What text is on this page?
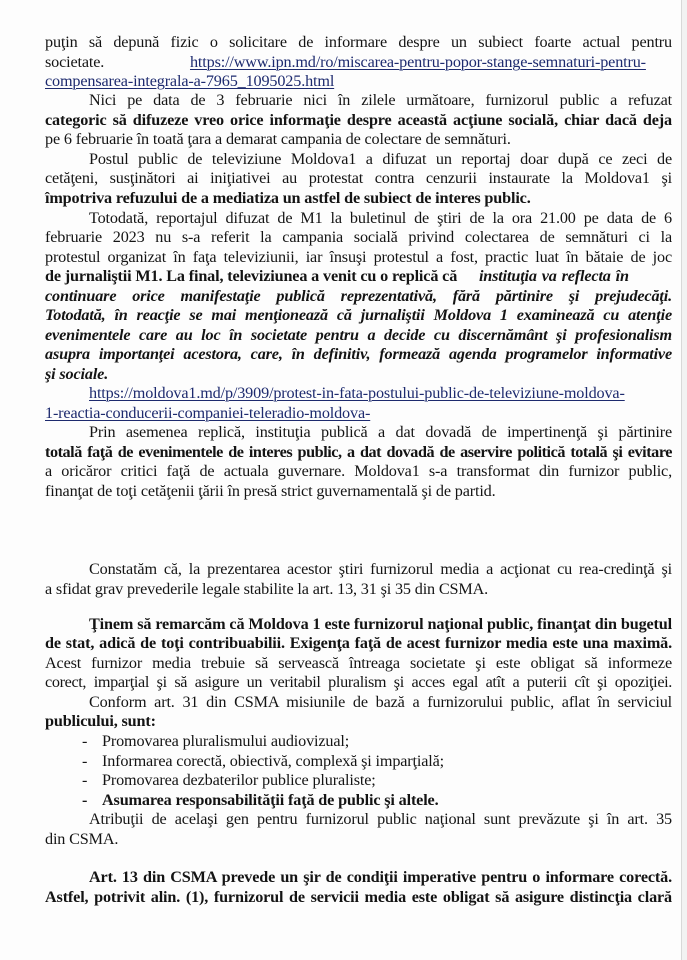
puţin să depună fizic o solicitare de informare despre un subiect foarte actual pentru
societate.	https://www.ipn.md/ro/miscarea-pentru-popor-stange-semnaturi-pentru-
compensarea-integrala-a-7965_1095025.html
Nici pe data de 3 februarie nici în zilele următoare, furnizorul public a refuzat
categoric să difuzeze vreo orice informaţie despre această acţiune socială, chiar dacă deja
pe 6 februarie în toată ţara a demarat campania de colectare de semnături.
Postul public de televiziune Moldova1 a difuzat un reportaj doar după ce zeci de
cetăţeni, susţinători ai iniţiativei au protestat contra cenzurii instaurate la Moldova1 şi
împotriva refuzului de a mediatiza un astfel de subiect de interes public.
Totodată, reportajul difuzat de M1 la buletinul de ştiri de la ora 21.00 pe data de 6
februarie 2023 nu s-a referit la campania socială privind colectarea de semnături ci la
protestul organizat în faţa televiziunii, iar însuşi protestul a fost, practic luat în bătaie de joc
de jurnaliştii M1. La final, televiziunea a venit cu o replică că instituţia va reflecta în
continuare orice manifestaţie publică reprezentativă, fără părtinire şi prejudecăţi.
Totodată, în reacţie se mai menţionează că jurnaliştii Moldova 1 examinează cu atenţie
evenimentele care au loc în societate pentru a decide cu discernământ şi profesionalism
asupra importanţei acestora, care, în definitiv, formează agenda programelor informative
şi sociale.
https://moldova1.md/p/3909/protest-in-fata-postului-public-de-televiziune-moldova-
1-reactia-conducerii-companiei-teleradio-moldova-
Prin asemenea replică, instituţia publică a dat dovadă de impertinenţă şi părtinire
totală faţă de evenimentele de interes public, a dat dovadă de aservire politică totală şi evitare
a oricăror critici faţă de actuala guvernare. Moldova1 s-a transformat din furnizor public,
finanţat de toţi cetăţenii ţării în presă strict guvernamentală şi de partid.
Constatăm că, la prezentarea acestor ştiri furnizorul media a acţionat cu rea-credinţă şi
a sfidat grav prevederile legale stabilite la art. 13, 31 şi 35 din CSMA.
Ţinem să remarcăm că Moldova 1 este furnizorul naţional public, finanţat din bugetul
de stat, adică de toţi contribuabilii. Exigenţa faţă de acest furnizor media este una maximă.
Acest furnizor media trebuie să servească întreaga societate şi este obligat să informeze
corect, imparţial şi să asigure un veritabil pluralism şi acces egal atît a puterii cît şi opoziţiei.
Conform art. 31 din CSMA misiunile de bază a furnizorului public, aflat în serviciul
publicului, sunt:
- Promovarea pluralismului audiovizual;
- Informarea corectă, obiectivă, complexă şi imparţială;
- Promovarea dezbaterilor publice pluraliste;
- Asumarea responsabilităţii faţă de public şi altele.
Atribuţii de acelaşi gen pentru furnizorul public naţional sunt prevăzute şi în art. 35
din CSMA.
Art. 13 din CSMA prevede un şir de condiţii imperative pentru o informare corectă.
Astfel, potrivit alin. (1), furnizorul de servicii media este obligat să asigure distincţia clară
